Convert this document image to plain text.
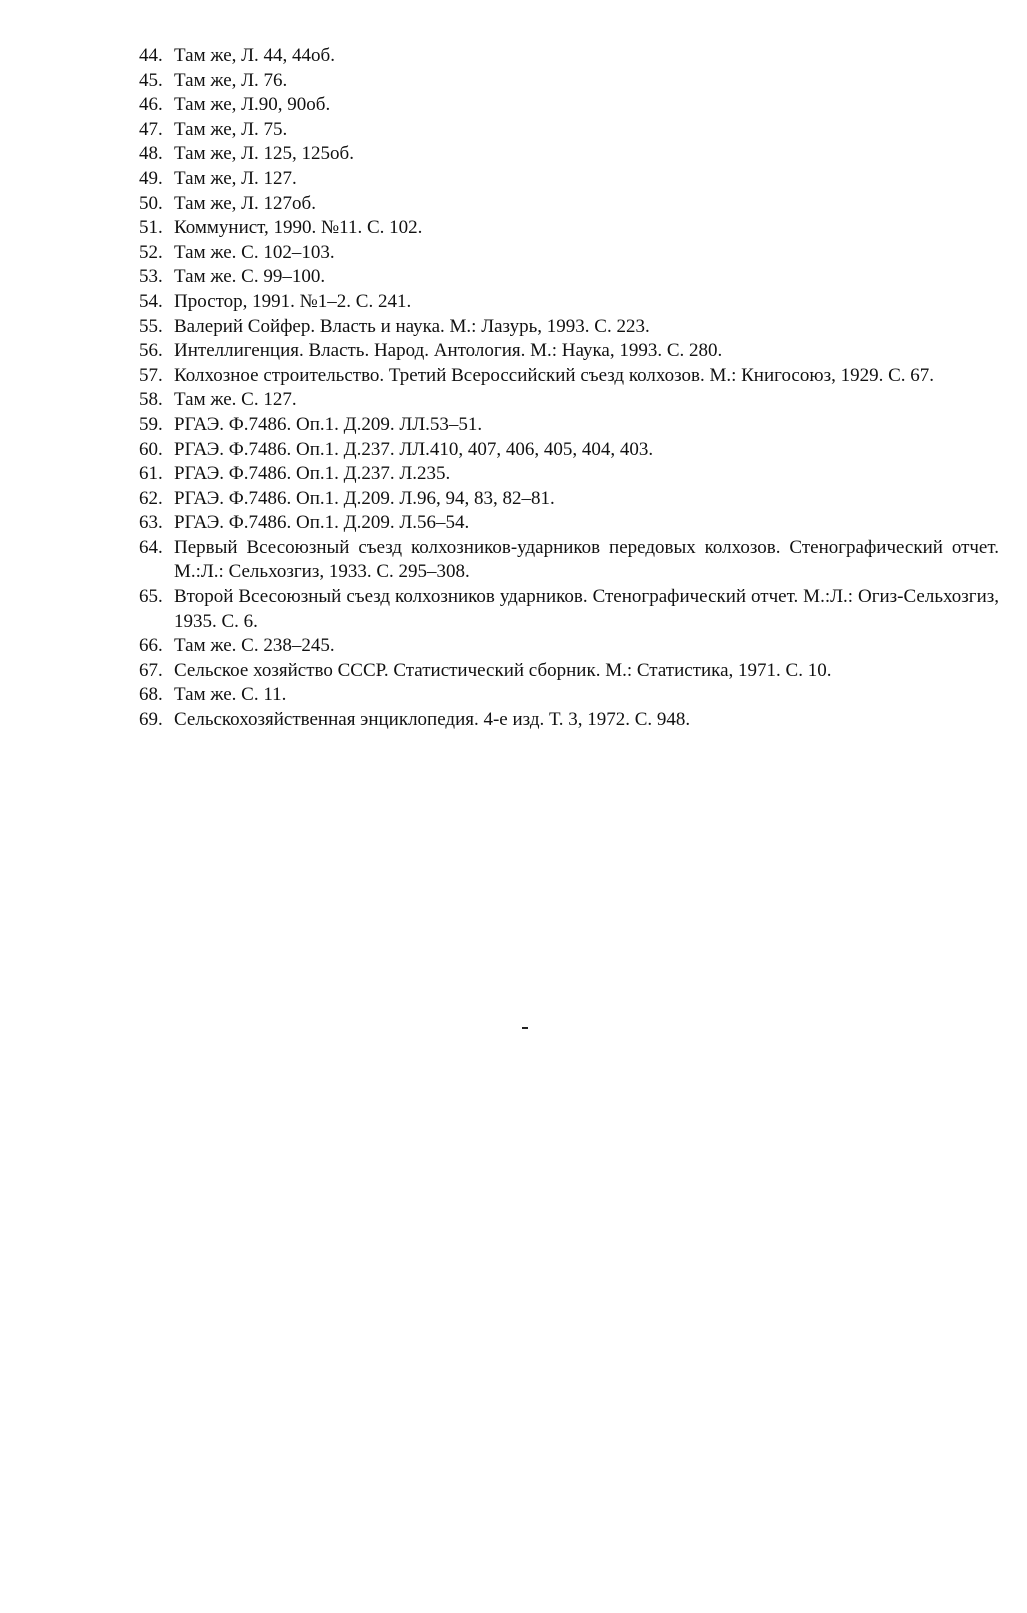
44. Там же, Л. 44, 44об.
45. Там же, Л. 76.
46. Там же, Л.90, 90об.
47. Там же, Л. 75.
48. Там же, Л. 125, 125об.
49. Там же, Л. 127.
50. Там же, Л. 127об.
51. Коммунист, 1990. №11. С. 102.
52. Там же. С. 102–103.
53. Там же. С. 99–100.
54. Простор, 1991. №1–2. С. 241.
55. Валерий Сойфер. Власть и наука. М.: Лазурь, 1993. С. 223.
56. Интеллигенция. Власть. Народ. Антология. М.: Наука, 1993. С. 280.
57. Колхозное строительство. Третий Всероссийский съезд колхозов. М.: Книгосоюз, 1929. С. 67.
58. Там же. С. 127.
59. РГАЭ. Ф.7486. Оп.1. Д.209. ЛЛ.53–51.
60. РГАЭ. Ф.7486. Оп.1. Д.237. ЛЛ.410, 407, 406, 405, 404, 403.
61. РГАЭ. Ф.7486. Оп.1. Д.237. Л.235.
62. РГАЭ. Ф.7486. Оп.1. Д.209. Л.96, 94, 83, 82–81.
63. РГАЭ. Ф.7486. Оп.1. Д.209. Л.56–54.
64. Первый Всесоюзный съезд колхозников-ударников передовых колхозов. Стенографический отчет. М.:Л.: Сельхозгиз, 1933. С. 295–308.
65. Второй Всесоюзный съезд колхозников ударников. Стенографический отчет. М.:Л.: Огиз-Сельхозгиз, 1935. С. 6.
66. Там же. С. 238–245.
67. Сельское хозяйство СССР. Статистический сборник. М.: Статистика, 1971. С. 10.
68. Там же. С. 11.
69. Сельскохозяйственная энциклопедия. 4-е изд. Т. 3, 1972. С. 948.
